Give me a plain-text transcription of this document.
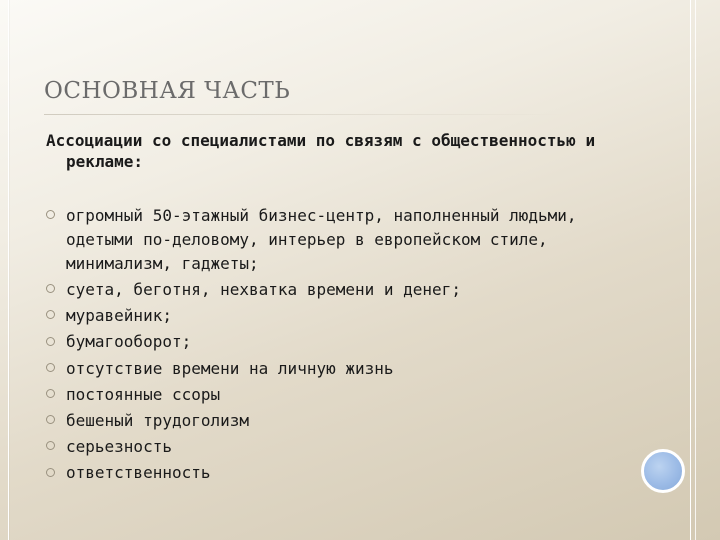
ОСНОВНАЯ ЧАСТЬ

Ассоциации со специалистами по связям с общественностью и рекламе:

огромный 50-этажный бизнес-центр, наполненный людьми, одетыми по-деловому, интерьер в европейском стиле, минимализм, гаджеты;
суета, беготня, нехватка времени и денег;
муравейник;
бумагооборот;
отсутствие времени на личную жизнь
постоянные ссоры
бешеный трудоголизм
серьезность
ответственность
